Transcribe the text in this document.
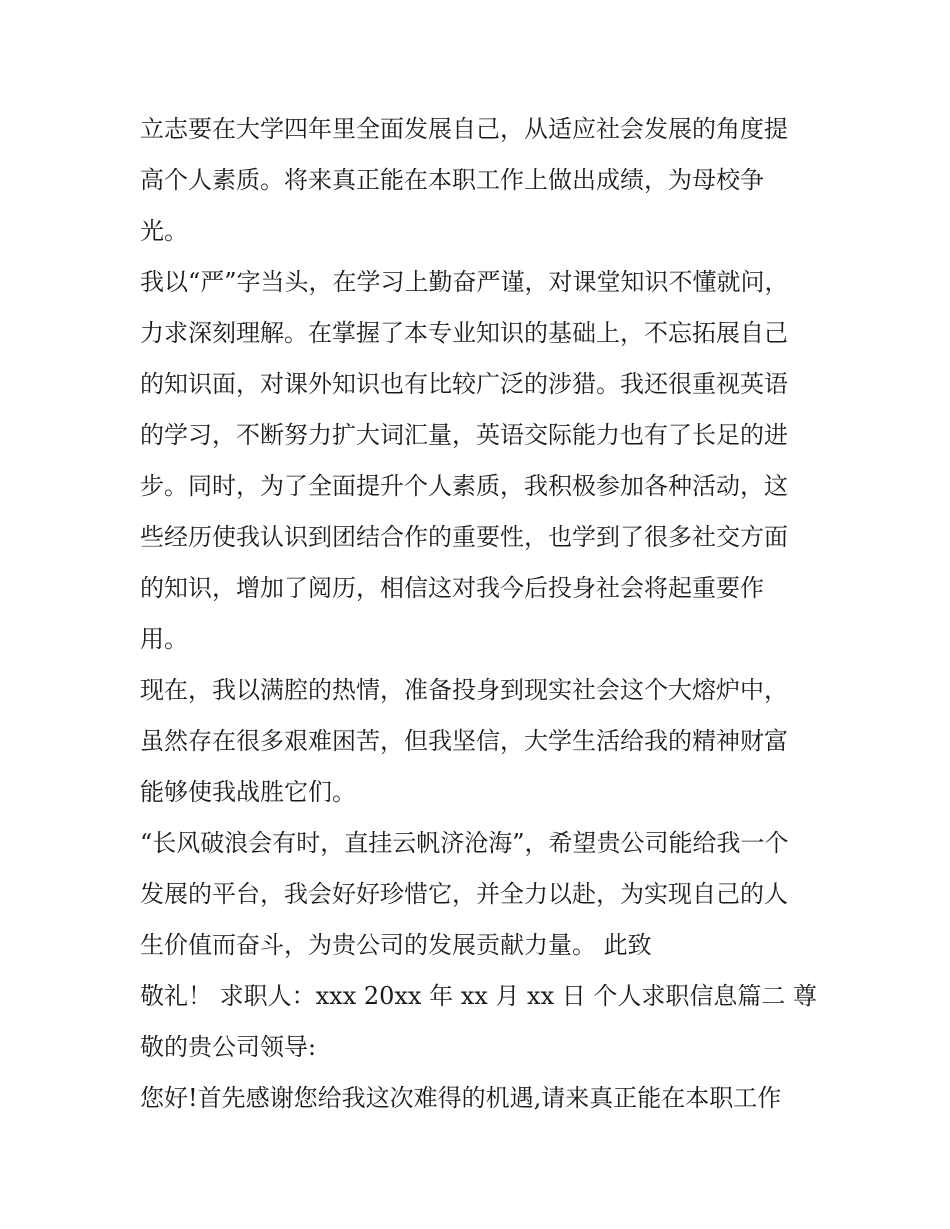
立志要在大学四年里全面发展自己，从适应社会发展的角度提
高个人素质。将来真正能在本职工作上做出成绩，为母校争
光。
我以“严”字当头，在学习上勤奋严谨，对课堂知识不懂就问，
力求深刻理解。在掌握了本专业知识的基础上，不忘拓展自己
的知识面，对课外知识也有比较广泛的涉猎。我还很重视英语
的学习，不断努力扩大词汇量，英语交际能力也有了长足的进
步。同时，为了全面提升个人素质，我积极参加各种活动，这
些经历使我认识到团结合作的重要性，也学到了很多社交方面
的知识，增加了阅历，相信这对我今后投身社会将起重要作
用。
现在，我以满腔的热情，准备投身到现实社会这个大熔炉中，
虽然存在很多艰难困苦，但我坚信，大学生活给我的精神财富
能够使我战胜它们。
“长风破浪会有时，直挂云帆济沧海”，希望贵公司能给我一个
发展的平台，我会好好珍惜它，并全力以赴，为实现自己的人
生价值而奋斗，为贵公司的发展贡献力量。 此致
敬礼！ 求职人：xxx 20xx 年 xx 月 xx 日 个人求职信息篇二 尊
敬的贵公司领导:
您好!首先感谢您给我这次难得的机遇,请来真正能在本职工作
